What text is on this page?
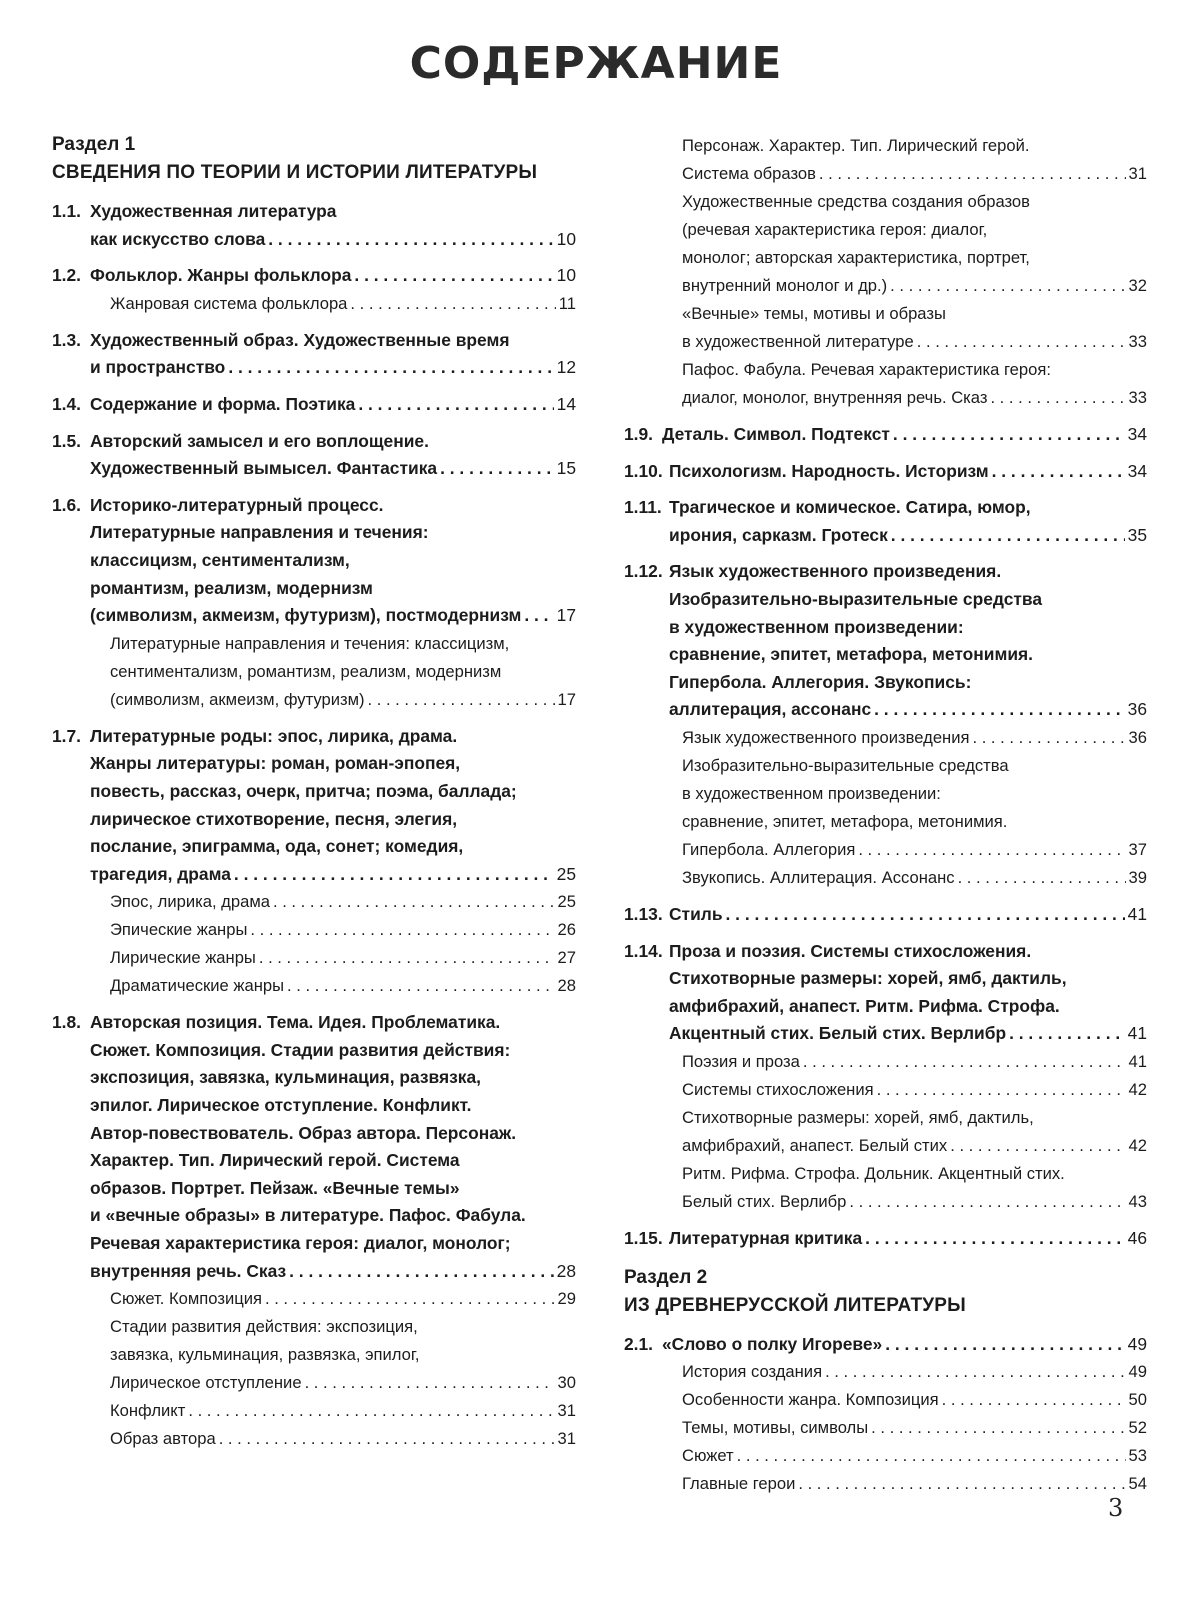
СОДЕРЖАНИЕ
Раздел 1
СВЕДЕНИЯ ПО ТЕОРИИ И ИСТОРИИ ЛИТЕРАТУРЫ
1.1. Художественная литература
как искусство слова . . .	10
1.2. Фольклор. Жанры фольклора . . .	10
Жанровая система фольклора . . .	11
1.3. Художественный образ. Художественные время
и пространство . . .	12
1.4. Содержание и форма. Поэтика . . .	14
1.5. Авторский замысел и его воплощение.
Художественный вымысел. Фантастика . . .	15
1.6. Историко-литературный процесс.
Литературные направления и течения:
классицизм, сентиментализм,
романтизм, реализм, модернизм
(символизм, акмеизм, футуризм), постмодернизм . . . 17
Литературные направления и течения: классицизм,
сентиментализм, романтизм, реализм, модернизм
(символизм, акмеизм, футуризм) . . .	17
1.7. Литературные роды: эпос, лирика, драма.
Жанры литературы: роман, роман-эпопея,
повесть, рассказ, очерк, притча; поэма, баллада;
лирическое стихотворение, песня, элегия,
послание, эпиграмма, ода, сонет; комедия,
трагедия, драма . . .	25
Эпос, лирика, драма . . .	25
Эпические жанры . . .	26
Лирические жанры . . .	27
Драматические жанры . . .	28
1.8. Авторская позиция. Тема. Идея. Проблематика.
Сюжет. Композиция. Стадии развития действия:
экспозиция, завязка, кульминация, развязка,
эпилог. Лирическое отступление. Конфликт.
Автор-повествователь. Образ автора. Персонаж.
Характер. Тип. Лирический герой. Система
образов. Портрет. Пейзаж. «Вечные темы»
и «вечные образы» в литературе. Пафос. Фабула.
Речевая характеристика героя: диалог, монолог;
внутренняя речь. Сказ . . .	28
Сюжет. Композиция . . .	29
Стадии развития действия: экспозиция,
завязка, кульминация, развязка, эпилог,
Лирическое отступление . . .	30
Конфликт . . .	31
Образ автора . . .	31
Персонаж. Характер. Тип. Лирический герой.
Система образов . . .	31
Художественные средства создания образов
(речевая характеристика героя: диалог,
монолог; авторская характеристика, портрет,
внутренний монолог и др.) . . .	32
«Вечные» темы, мотивы и образы
в художественной литературе . . .	33
Пафос. Фабула. Речевая характеристика героя:
диалог, монолог, внутренняя речь. Сказ . . .	33
1.9. Деталь. Символ. Подтекст . . .	34
1.10. Психологизм. Народность. Историзм . . .	34
1.11. Трагическое и комическое. Сатира, юмор,
ирония, сарказм. Гротеск . . .	35
1.12. Язык художественного произведения.
Изобразительно-выразительные средства
в художественном произведении:
сравнение, эпитет, метафора, метонимия.
Гипербола. Аллегория. Звукопись:
аллитерация, ассонанс . . .	36
Язык художественного произведения . . .	36
Изобразительно-выразительные средства
в художественном произведении:
сравнение, эпитет, метафора, метонимия.
Гипербола. Аллегория . . .	37
Звукопись. Аллитерация. Ассонанс . . .	39
1.13. Стиль . . .	41
1.14. Проза и поэзия. Системы стихосложения.
Стихотворные размеры: хорей, ямб, дактиль,
амфибрахий, анапест. Ритм. Рифма. Строфа.
Акцентный стих. Белый стих. Верлибр . . .	41
Поэзия и проза . . .	41
Системы стихосложения . . .	42
Стихотворные размеры: хорей, ямб, дактиль,
амфибрахий, анапест. Белый стих . . .	42
Ритм. Рифма. Строфа. Дольник. Акцентный стих.
Белый стих. Верлибр . . .	43
1.15. Литературная критика . . .	46
Раздел 2
ИЗ ДРЕВНЕРУССКОЙ ЛИТЕРАТУРЫ
2.1. «Слово о полку Игореве» . . .	49
История создания . . .	49
Особенности жанра. Композиция . . .	50
Темы, мотивы, символы . . .	52
Сюжет . . .	53
Главные герои . . .	54
3
